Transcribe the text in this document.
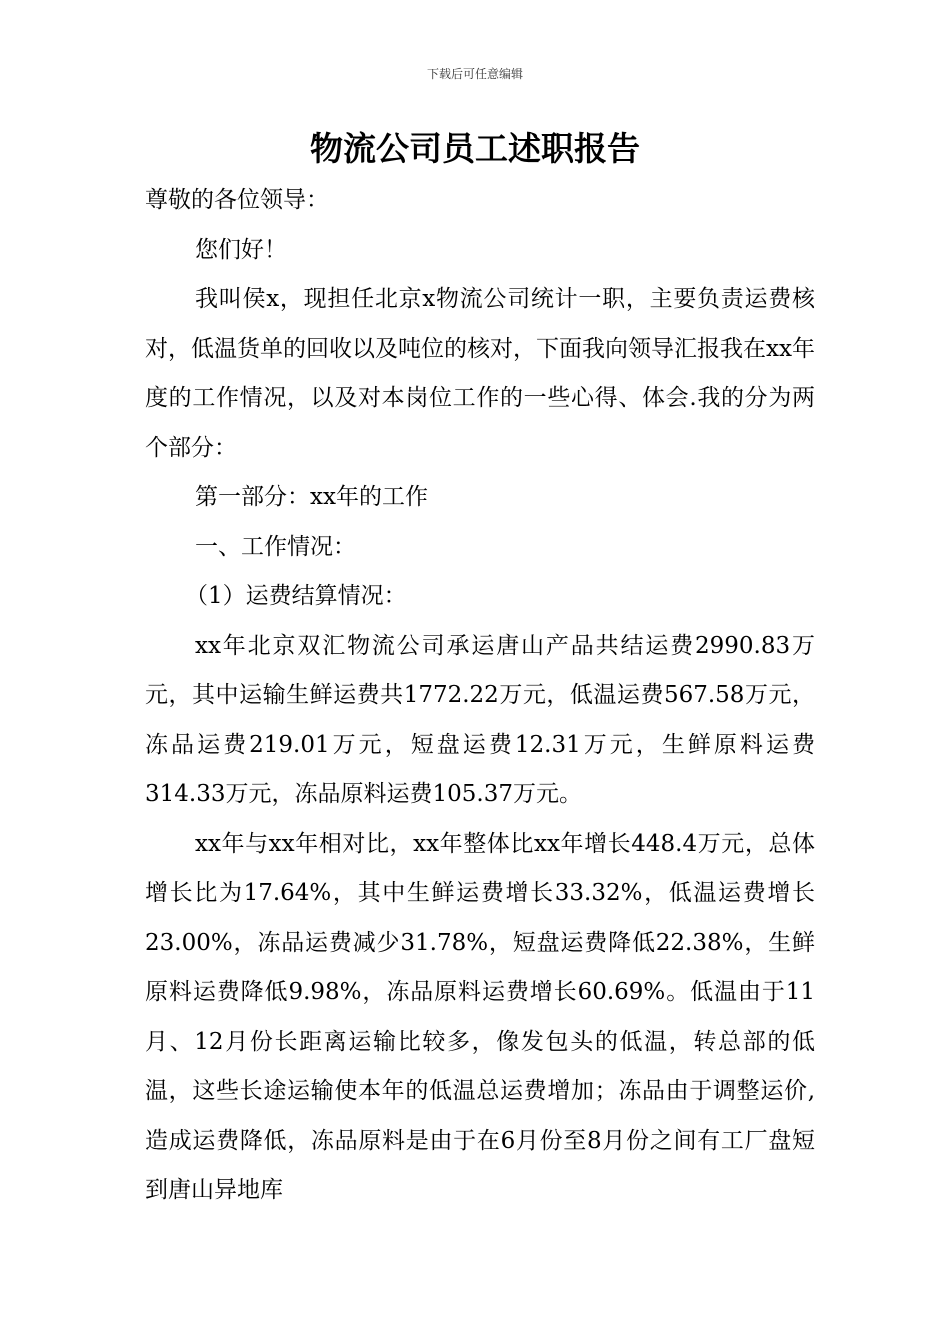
下载后可任意编辑
物流公司员工述职报告

尊敬的各位领导：

您们好！

我叫侯x，现担任北京x物流公司统计一职，主要负责运费核对，低温货单的回收以及吨位的核对，下面我向领导汇报我在xx年度的工作情况，以及对本岗位工作的一些心得、体会.我的分为两个部分：

第一部分：xx年的工作

一、工作情况：

（1）运费结算情况：

xx年北京双汇物流公司承运唐山产品共结运费2990.83万元，其中运输生鲜运费共1772.22万元，低温运费567.58万元，冻品运费219.01万元，短盘运费12.31万元，生鲜原料运费314.33万元，冻品原料运费105.37万元。

xx年与xx年相对比，xx年整体比xx年增长448.4万元，总体增长比为17.64%，其中生鲜运费增长33.32%，低温运费增长23.00%，冻品运费减少31.78%，短盘运费降低22.38%，生鲜原料运费降低9.98%，冻品原料运费增长60.69%。低温由于11月、12月份长距离运输比较多，像发包头的低温，转总部的低温，这些长途运输使本年的低温总运费增加；冻品由于调整运价,造成运费降低，冻品原料是由于在6月份至8月份之间有工厂盘短到唐山异地库
